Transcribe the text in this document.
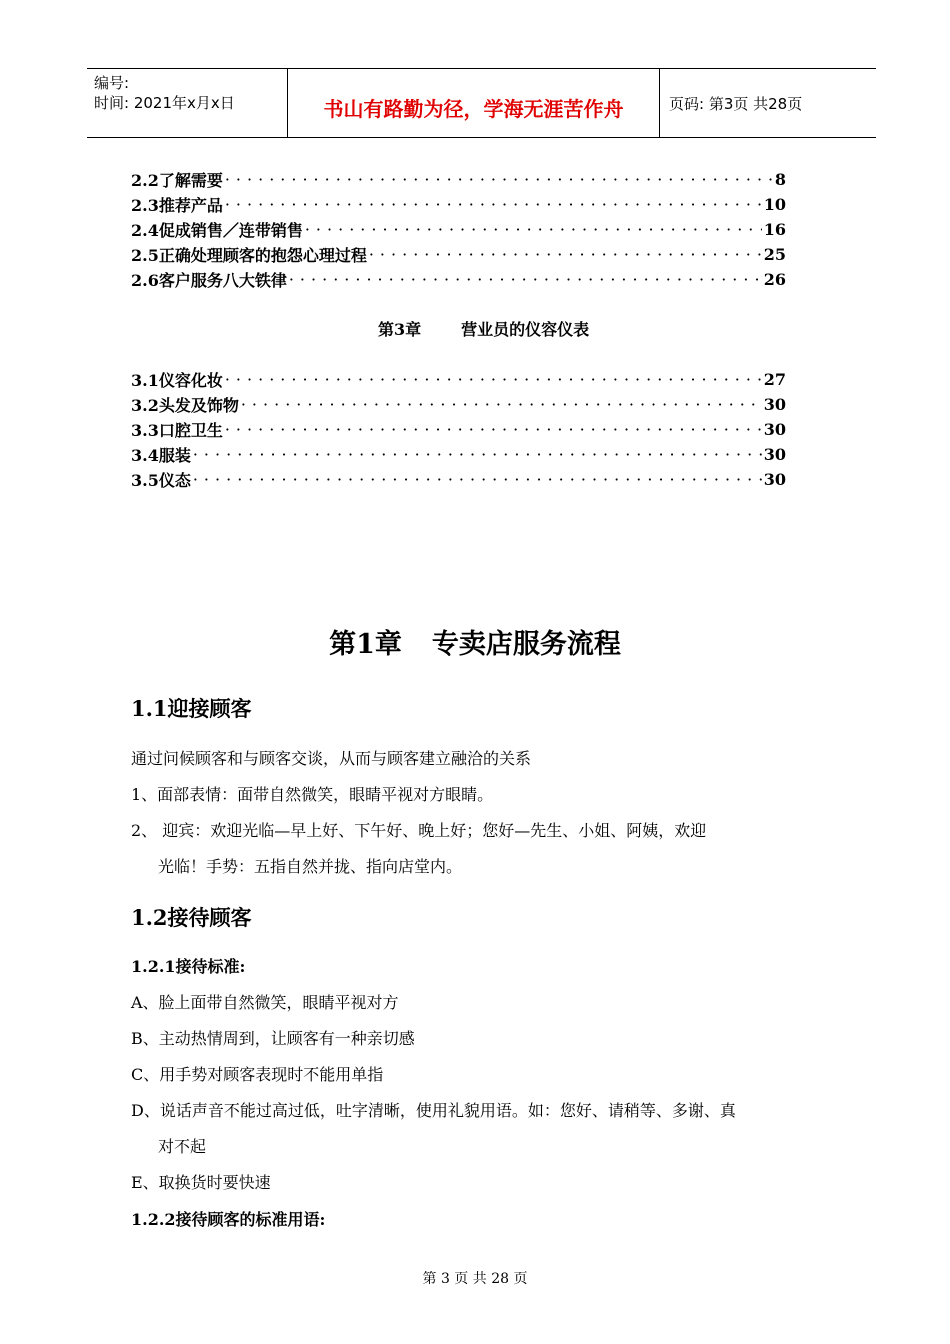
编号:
时间: 2021年x月x日	书山有路勤为径，学海无涯苦作舟	页码: 第3页 共28页
2.2了解需要 ·····	8
2.3推荐产品 ·····	10
2.4促成销售／连带销售 ·····	16
2.5正确处理顾客的抱怨心理过程 ·····	25
2.6客户服务八大铁律 ·····	26
第3章	营业员的仪容仪表
3.1仪容化妆 ·····	27
3.2头发及饰物 ·····	30
3.3口腔卫生 ·····	30
3.4服装 ·····	30
3.5仪态 ·····	30
第1章 专卖店服务流程
1.1迎接顾客
通过问候顾客和与顾客交谈，从而与顾客建立融洽的关系
1、面部表情：面带自然微笑，眼睛平视对方眼睛。
2、 迎宾：欢迎光临—早上好、下午好、晚上好；您好—先生、小姐、阿姨，欢迎
光临！手势：五指自然并拢、指向店堂内。
1.2接待顾客
1.2.1接待标准:
A、脸上面带自然微笑，眼睛平视对方
B、主动热情周到，让顾客有一种亲切感
C、用手势对顾客表现时不能用单指
D、说话声音不能过高过低，吐字清晰，使用礼貌用语。如：您好、请稍等、多谢、真
对不起
E、取换货时要快速
1.2.2接待顾客的标准用语:
第 3 页 共 28 页
